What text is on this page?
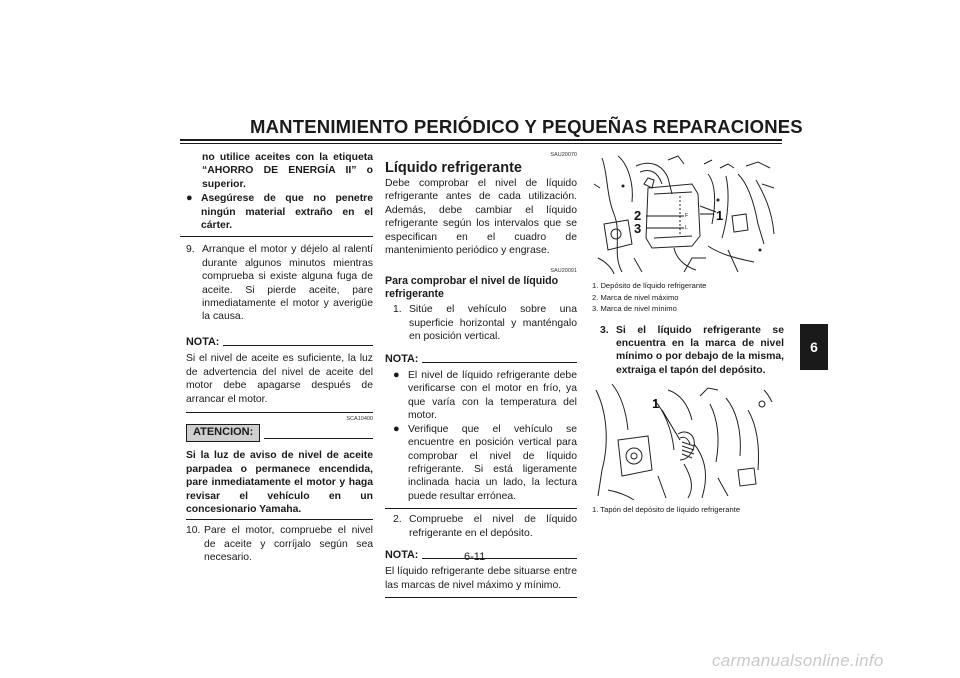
MANTENIMIENTO PERIÓDICO Y PEQUEÑAS REPARACIONES
6

no utilice aceites con la etiqueta “AHORRO DE ENERGÍA II” o superior.

● Asegúrese de que no penetre ningún material extraño en el cárter.
9. Arranque el motor y déjelo al ralentí durante algunos minutos mientras comprueba si existe alguna fuga de aceite. Si pierde aceite, pare inmediatamente el motor y averigüe la causa.
NOTA:

Si el nivel de aceite es suficiente, la luz de advertencia del nivel de aceite del motor debe apagarse después de arrancar el motor.

SCA10400
ATENCION:

Si la luz de aviso de nivel de aceite parpadea o permanece encendida, pare inmediatamente el motor y haga revisar el vehículo en un concesionario Yamaha.

10. Pare el motor, compruebe el nivel de aceite y corríjalo según sea necesario.
SAU20070
Líquido refrigerante

Debe comprobar el nivel de líquido refrigerante antes de cada utilización. Además, debe cambiar el líquido refrigerante según los intervalos que se especifican en el cuadro de mantenimiento periódico y engrase.

SAU20091
Para comprobar el nivel de líquido refrigerante
1. Sitúe el vehículo sobre una superficie horizontal y manténgalo en posición vertical.
NOTA:
● El nivel de líquido refrigerante debe verificarse con el motor en frío, ya que varía con la temperatura del motor.
● Verifique que el vehículo se encuentre en posición vertical para comprobar el nivel de líquido refrigerante. Si está ligeramente inclinada hacia un lado, la lectura puede resultar errónea.
2. Compruebe el nivel de líquido refrigerante en el depósito.
NOTA:

El líquido refrigerante debe situarse entre las marcas de nivel máximo y mínimo.

2
3
1
F
L
1. Depósito de líquido refrigerante
2. Marca de nivel máximo
3. Marca de nivel mínimo
3. Si el líquido refrigerante se encuentra en la marca de nivel mínimo o por debajo de la misma, extraiga el tapón del depósito.
1
1. Tapón del depósito de líquido refrigerante
6-11
carmanualsonline.info
